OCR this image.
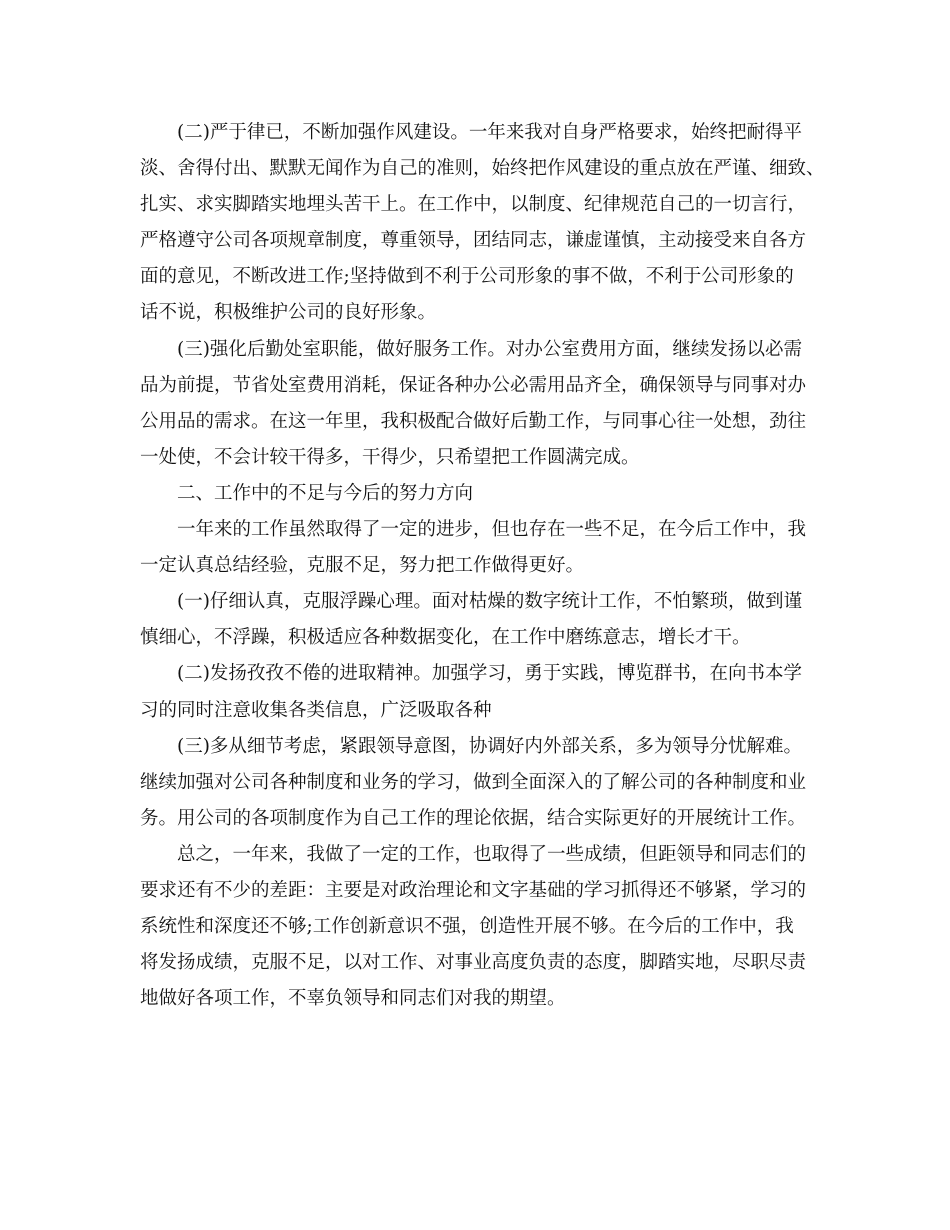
(二)严于律已，不断加强作风建设。一年来我对自身严格要求，始终把耐得平
淡、舍得付出、默默无闻作为自己的准则，始终把作风建设的重点放在严谨、细致、
扎实、求实脚踏实地埋头苦干上。在工作中，以制度、纪律规范自己的一切言行，
严格遵守公司各项规章制度，尊重领导，团结同志，谦虚谨慎，主动接受来自各方
面的意见，不断改进工作;坚持做到不利于公司形象的事不做，不利于公司形象的
话不说，积极维护公司的良好形象。
(三)强化后勤处室职能，做好服务工作。对办公室费用方面，继续发扬以必需
品为前提，节省处室费用消耗，保证各种办公必需用品齐全，确保领导与同事对办
公用品的需求。在这一年里，我积极配合做好后勤工作，与同事心往一处想，劲往
一处使，不会计较干得多，干得少，只希望把工作圆满完成。
二、工作中的不足与今后的努力方向
一年来的工作虽然取得了一定的进步，但也存在一些不足，在今后工作中，我
一定认真总结经验，克服不足，努力把工作做得更好。
(一)仔细认真，克服浮躁心理。面对枯燥的数字统计工作，不怕繁琐，做到谨
慎细心，不浮躁，积极适应各种数据变化，在工作中磨练意志，增长才干。
(二)发扬孜孜不倦的进取精神。加强学习，勇于实践，博览群书，在向书本学
习的同时注意收集各类信息，广泛吸取各种
(三)多从细节考虑，紧跟领导意图，协调好内外部关系，多为领导分忧解难。
继续加强对公司各种制度和业务的学习，做到全面深入的了解公司的各种制度和业
务。用公司的各项制度作为自己工作的理论依据，结合实际更好的开展统计工作。
总之，一年来，我做了一定的工作，也取得了一些成绩，但距领导和同志们的
要求还有不少的差距：主要是对政治理论和文字基础的学习抓得还不够紧，学习的
系统性和深度还不够;工作创新意识不强，创造性开展不够。在今后的工作中，我
将发扬成绩，克服不足，以对工作、对事业高度负责的态度，脚踏实地，尽职尽责
地做好各项工作，不辜负领导和同志们对我的期望。
